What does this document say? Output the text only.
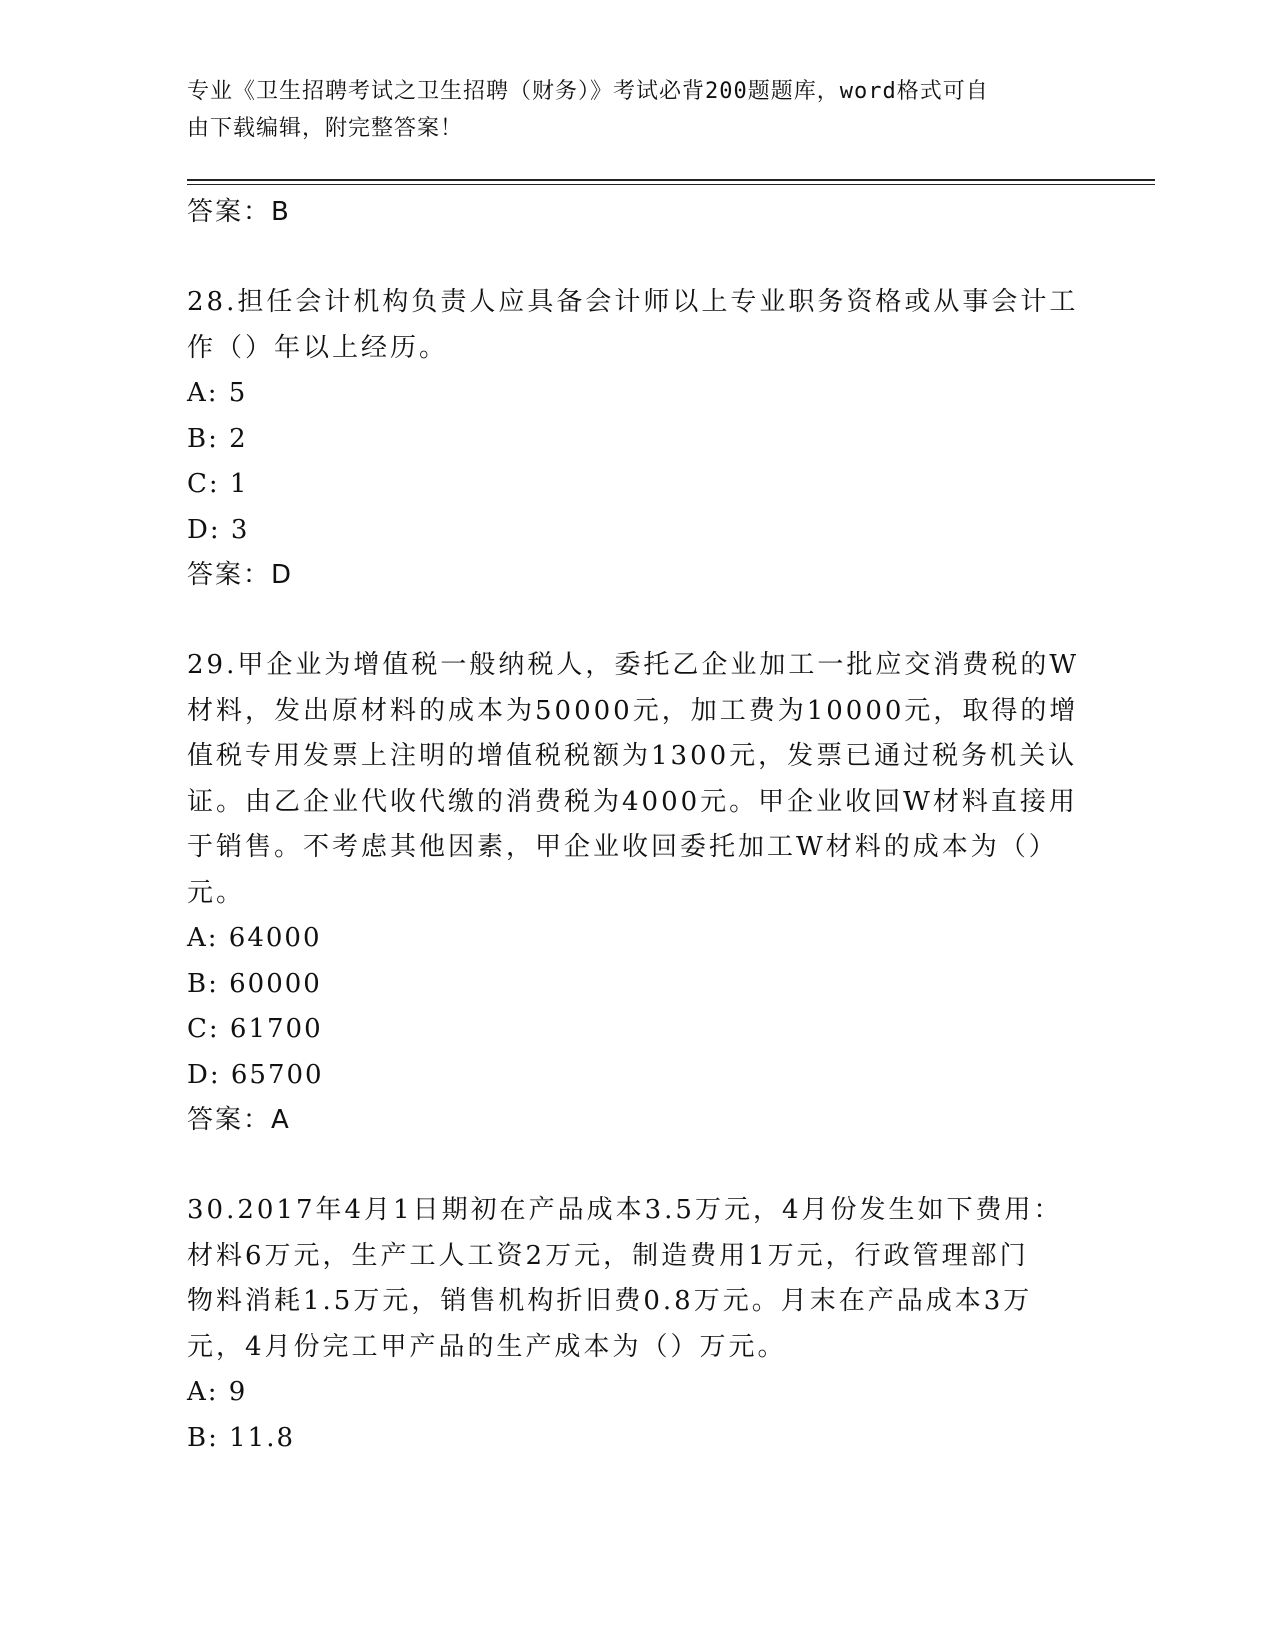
专业《卫生招聘考试之卫生招聘（财务）》考试必背200题题库，word格式可自
由下载编辑，附完整答案！
答案：B
28.担任会计机构负责人应具备会计师以上专业职务资格或从事会计工
作（）年以上经历。
A: 5
B: 2
C: 1
D: 3
答案：D
29.甲企业为增值税一般纳税人，委托乙企业加工一批应交消费税的W
材料，发出原材料的成本为50000元，加工费为10000元，取得的增
值税专用发票上注明的增值税税额为1300元，发票已通过税务机关认
证。由乙企业代收代缴的消费税为4000元。甲企业收回W材料直接用
于销售。不考虑其他因素，甲企业收回委托加工W材料的成本为（）
元。
A: 64000
B: 60000
C: 61700
D: 65700
答案：A
30.2017年4月1日期初在产品成本3.5万元，4月份发生如下费用：
材料6万元，生产工人工资2万元，制造费用1万元，行政管理部门
物料消耗1.5万元，销售机构折旧费0.8万元。月末在产品成本3万
元，4月份完工甲产品的生产成本为（）万元。
A: 9
B: 11.8
